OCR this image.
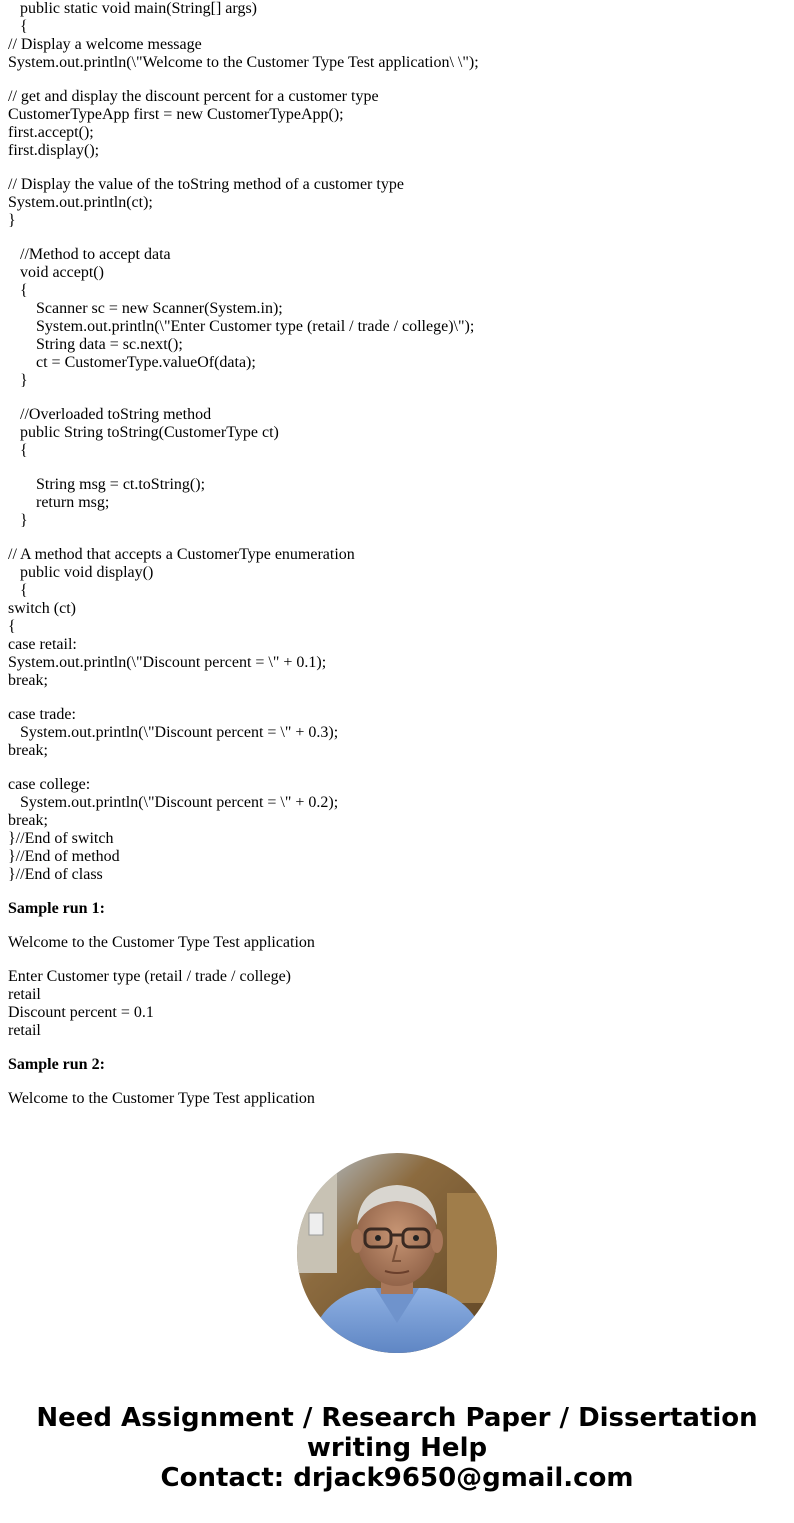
public static void main(String[] args)
{
// Display a welcome message
System.out.println(\"Welcome to the Customer Type Test application\ \");
// get and display the discount percent for a customer type
CustomerTypeApp first = new CustomerTypeApp();
first.accept();
first.display();
// Display the value of the toString method of a customer type
System.out.println(ct);
}
//Method to accept data
void accept()
{
Scanner sc = new Scanner(System.in);
System.out.println(\"Enter Customer type (retail / trade / college)\");
String data = sc.next();
ct = CustomerType.valueOf(data);
}
//Overloaded toString method
public String toString(CustomerType ct)
{
String msg = ct.toString();
return msg;
}
// A method that accepts a CustomerType enumeration
public void display()
{
switch (ct)
{
case retail:
System.out.println(\"Discount percent = \" + 0.1);
break;
case trade:
System.out.println(\"Discount percent = \" + 0.3);
break;
case college:
System.out.println(\"Discount percent = \" + 0.2);
break;
}//End of switch
}//End of method
}//End of class
Sample run 1:
Welcome to the Customer Type Test application
Enter Customer type (retail / trade / college)
retail
Discount percent = 0.1
retail
Sample run 2:
Welcome to the Customer Type Test application
Need Assignment / Research Paper / Dissertation
writing Help
Contact: drjack9650@gmail.com
